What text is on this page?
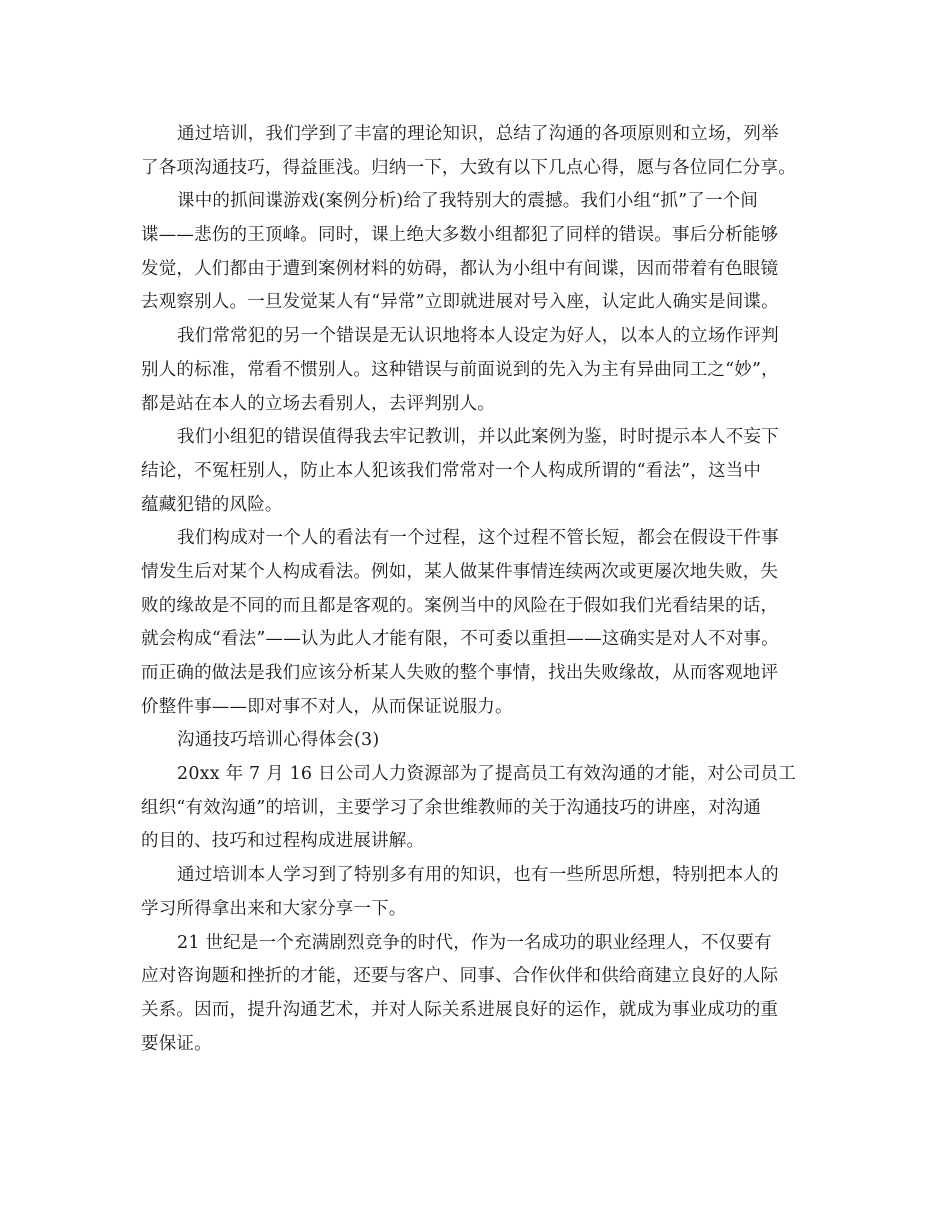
通过培训，我们学到了丰富的理论知识，总结了沟通的各项原则和立场，列举
了各项沟通技巧，得益匪浅。归纳一下，大致有以下几点心得，愿与各位同仁分享。
课中的抓间谍游戏(案例分析)给了我特别大的震撼。我们小组“抓”了一个间
谍——悲伤的王顶峰。同时，课上绝大多数小组都犯了同样的错误。事后分析能够
发觉，人们都由于遭到案例材料的妨碍，都认为小组中有间谍，因而带着有色眼镜
去观察别人。一旦发觉某人有“异常”立即就进展对号入座，认定此人确实是间谍。
我们常常犯的另一个错误是无认识地将本人设定为好人，以本人的立场作评判
别人的标准，常看不惯别人。这种错误与前面说到的先入为主有异曲同工之“妙”，
都是站在本人的立场去看别人，去评判别人。
我们小组犯的错误值得我去牢记教训，并以此案例为鉴，时时提示本人不妄下
结论，不冤枉别人，防止本人犯该我们常常对一个人构成所谓的“看法”，这当中
蕴藏犯错的风险。
我们构成对一个人的看法有一个过程，这个过程不管长短，都会在假设干件事
情发生后对某个人构成看法。例如，某人做某件事情连续两次或更屡次地失败，失
败的缘故是不同的而且都是客观的。案例当中的风险在于假如我们光看结果的话，
就会构成“看法”——认为此人才能有限，不可委以重担——这确实是对人不对事。
而正确的做法是我们应该分析某人失败的整个事情，找出失败缘故，从而客观地评
价整件事——即对事不对人，从而保证说服力。
沟通技巧培训心得体会(3)
20xx 年 7 月 16 日公司人力资源部为了提高员工有效沟通的才能，对公司员工
组织“有效沟通”的培训，主要学习了余世维教师的关于沟通技巧的讲座，对沟通
的目的、技巧和过程构成进展讲解。
通过培训本人学习到了特别多有用的知识，也有一些所思所想，特别把本人的
学习所得拿出来和大家分享一下。
21 世纪是一个充满剧烈竞争的时代，作为一名成功的职业经理人，不仅要有
应对咨询题和挫折的才能，还要与客户、同事、合作伙伴和供给商建立良好的人际
关系。因而，提升沟通艺术，并对人际关系进展良好的运作，就成为事业成功的重
要保证。
